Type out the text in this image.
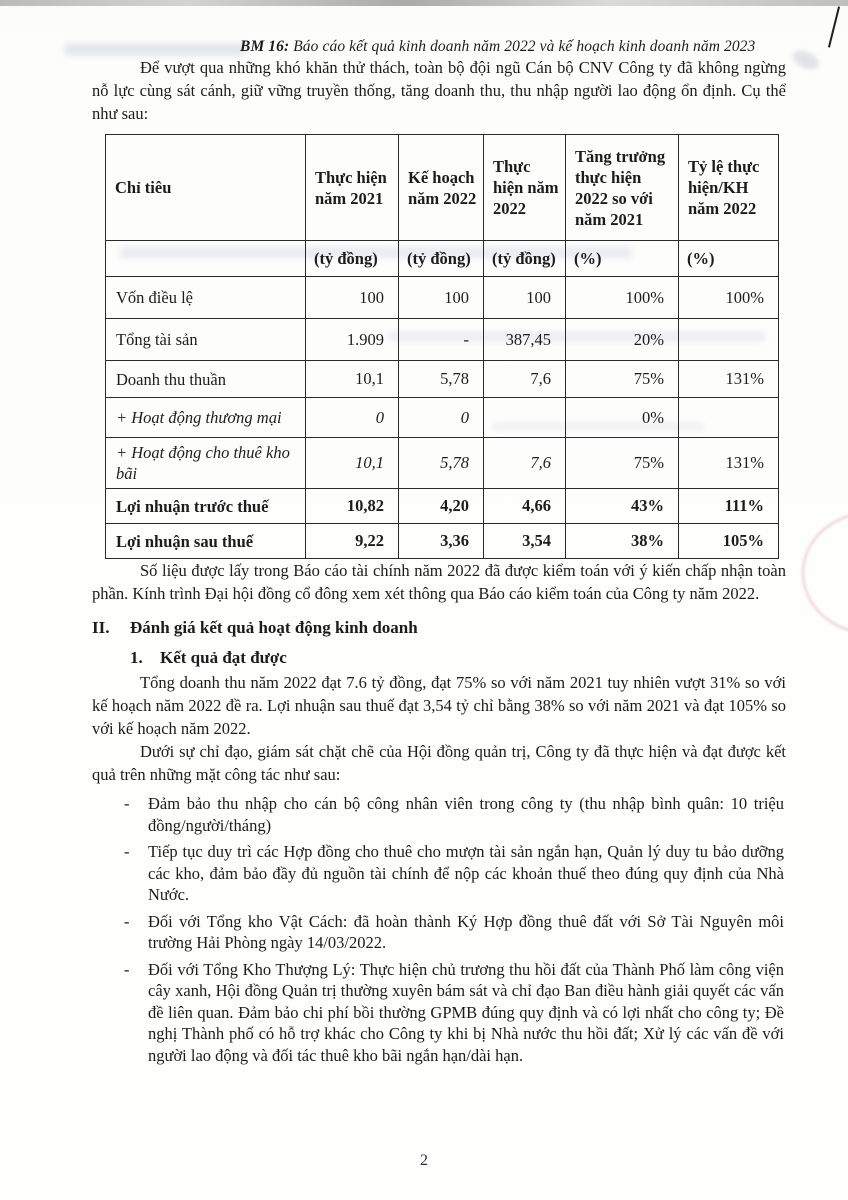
BM 16: Báo cáo kết quả kinh doanh năm 2022 và kế hoạch kinh doanh năm 2023

Để vượt qua những khó khăn thử thách, toàn bộ đội ngũ Cán bộ CNV Công ty đã không ngừng nỗ lực cùng sát cánh, giữ vững truyền thống, tăng doanh thu, thu nhập người lao động ổn định. Cụ thể như sau:

Chỉ tiêu	Thực hiện năm 2021	Kế hoạch năm 2022	Thực hiện năm 2022	Tăng trưởng thực hiện 2022 so với năm 2021	Tỷ lệ thực hiện/KH năm 2022
	(tỷ đồng)	(tỷ đồng)	(tỷ đồng)	(%)	(%)
Vốn điều lệ	100	100	100	100%	100%
Tổng tài sản	1.909	-	387,45	20%	
Doanh thu thuần	10,1	5,78	7,6	75%	131%
+ Hoạt động thương mại	0	0		0%	
+ Hoạt động cho thuê kho bãi	10,1	5,78	7,6	75%	131%
Lợi nhuận trước thuế	10,82	4,20	4,66	43%	111%
Lợi nhuận sau thuế	9,22	3,36	3,54	38%	105%

Số liệu được lấy trong Báo cáo tài chính năm 2022 đã được kiểm toán với ý kiến chấp nhận toàn phần. Kính trình Đại hội đồng cổ đông xem xét thông qua Báo cáo kiểm toán của Công ty năm 2022.

II.	Đánh giá kết quả hoạt động kinh doanh
1.	Kết quả đạt được

Tổng doanh thu năm 2022 đạt 7.6 tỷ đồng, đạt 75% so với năm 2021 tuy nhiên vượt 31% so với kế hoạch năm 2022 đề ra. Lợi nhuận sau thuế đạt 3,54 tỷ chỉ bằng 38% so với năm 2021 và đạt 105% so với kế hoạch năm 2022.

Dưới sự chỉ đạo, giám sát chặt chẽ của Hội đồng quản trị, Công ty đã thực hiện và đạt được kết quả trên những mặt công tác như sau:

-	Đảm bảo thu nhập cho cán bộ công nhân viên trong công ty (thu nhập bình quân: 10 triệu đồng/người/tháng)
-	Tiếp tục duy trì các Hợp đồng cho thuê cho mượn tài sản ngắn hạn, Quản lý duy tu bảo dưỡng các kho, đảm bảo đầy đủ nguồn tài chính để nộp các khoản thuế theo đúng quy định của Nhà Nước.
-	Đối với Tổng kho Vật Cách: đã hoàn thành Ký Hợp đồng thuê đất với Sở Tài Nguyên môi trường Hải Phòng ngày 14/03/2022.
-	Đối với Tổng Kho Thượng Lý: Thực hiện chủ trương thu hồi đất của Thành Phố làm công viện cây xanh, Hội đồng Quản trị thường xuyên bám sát và chỉ đạo Ban điều hành giải quyết các vấn đề liên quan. Đảm bảo chi phí bồi thường GPMB đúng quy định và có lợi nhất cho công ty; Đề nghị Thành phố có hỗ trợ khác cho Công ty khi bị Nhà nước thu hồi đất; Xử lý các vấn đề với người lao động và đối tác thuê kho bãi ngắn hạn/dài hạn.
2
